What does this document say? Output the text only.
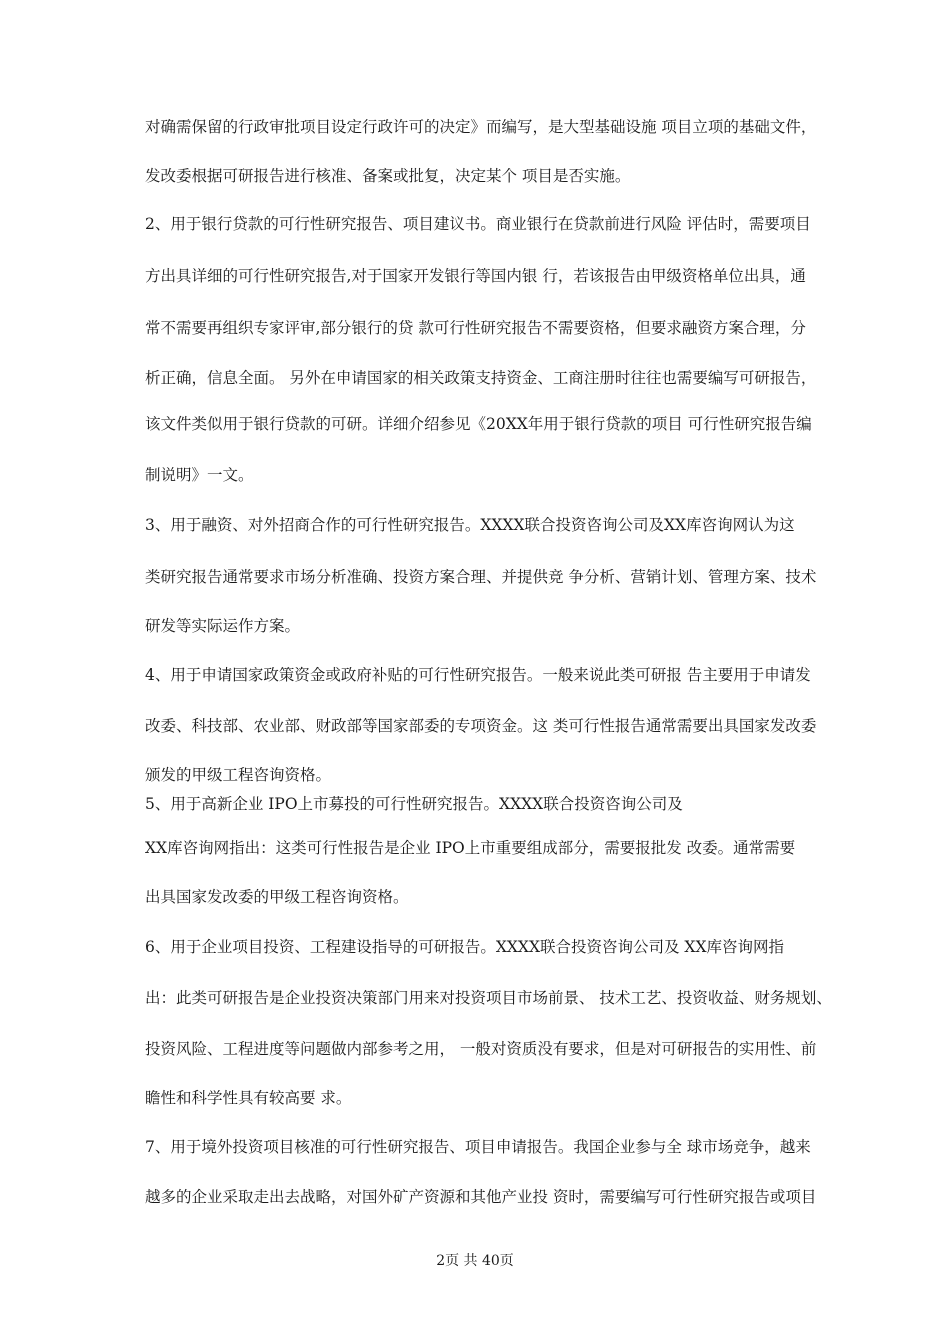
对确需保留的行政审批项目设定行政许可的决定》而编写，是大型基础设施 项目立项的基础文件，
发改委根据可研报告进行核准、备案或批复，决定某个 项目是否实施。
2、用于银行贷款的可行性研究报告、项目建议书。商业银行在贷款前进行风险 评估时，需要项目
方出具详细的可行性研究报告,对于国家开发银行等国内银 行，若该报告由甲级资格单位出具，通
常不需要再组织专家评审,部分银行的贷 款可行性研究报告不需要资格，但要求融资方案合理，分
析正确，信息全面。 另外在申请国家的相关政策支持资金、工商注册时往往也需要编写可研报告，
该文件类似用于银行贷款的可研。详细介绍参见《20XX年用于银行贷款的项目 可行性研究报告编
制说明》一文。
3、用于融资、对外招商合作的可行性研究报告。XXXX联合投资咨询公司及XX库咨询网认为这
类研究报告通常要求市场分析准确、投资方案合理、并提供竞 争分析、营销计划、管理方案、技术
研发等实际运作方案。
4、用于申请国家政策资金或政府补贴的可行性研究报告。一般来说此类可研报 告主要用于申请发
改委、科技部、农业部、财政部等国家部委的专项资金。这 类可行性报告通常需要出具国家发改委
颁发的甲级工程咨询资格。
5、用于高新企业 IPO上市募投的可行性研究报告。XXXX联合投资咨询公司及
XX库咨询网指出：这类可行性报告是企业 IPO上市重要组成部分，需要报批发 改委。通常需要
出具国家发改委的甲级工程咨询资格。
6、用于企业项目投资、工程建设指导的可研报告。XXXX联合投资咨询公司及 XX库咨询网指
出：此类可研报告是企业投资决策部门用来对投资项目市场前景、 技术工艺、投资收益、财务规划、
投资风险、工程进度等问题做内部参考之用， 一般对资质没有要求，但是对可研报告的实用性、前
瞻性和科学性具有较高要 求。
7、用于境外投资项目核准的可行性研究报告、项目申请报告。我国企业参与全 球市场竞争，越来
越多的企业采取走出去战略，对国外矿产资源和其他产业投 资时，需要编写可行性研究报告或项目
2页 共 40页
